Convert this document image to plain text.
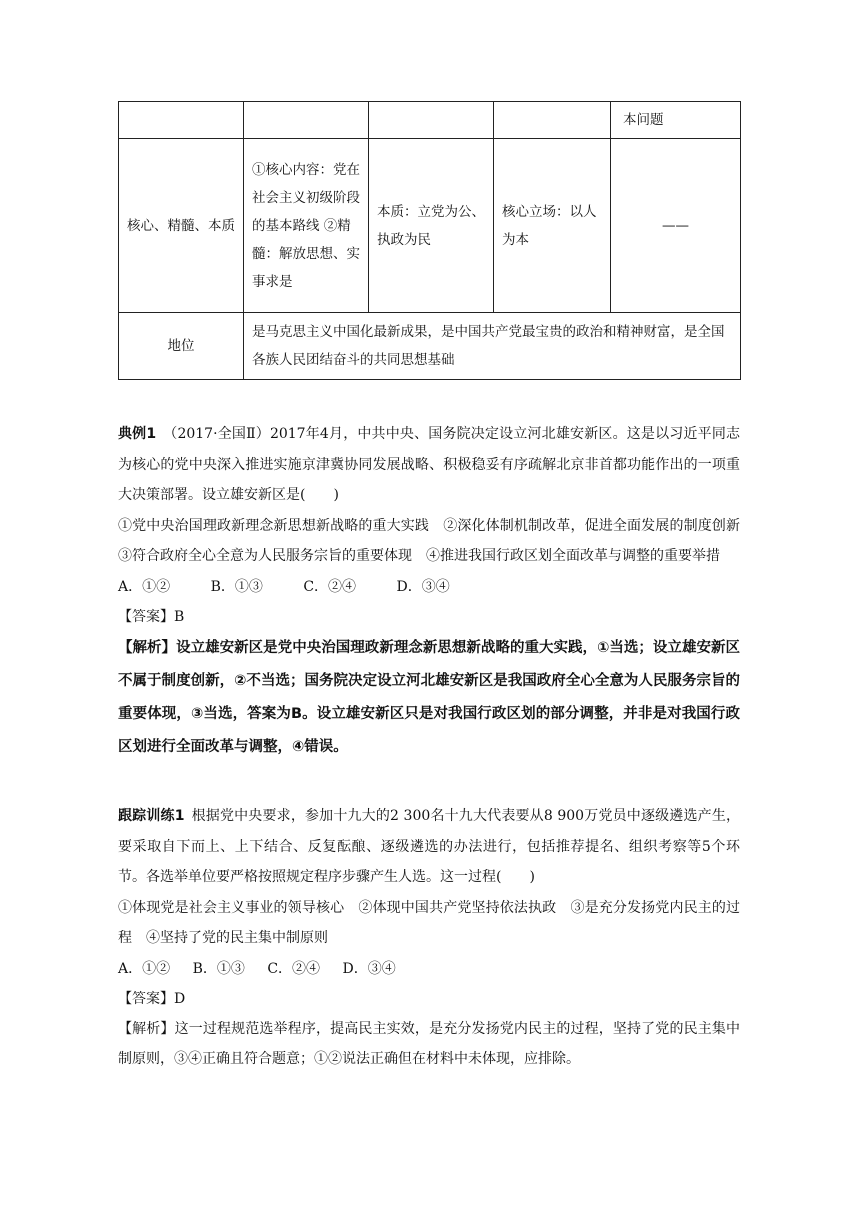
				本问题
核心、精髓、本质	①核心内容：党在社会主义初级阶段的基本路线 ②精髓：解放思想、实事求是	本质：立党为公、执政为民	核心立场：以人为本	——
地位	是马克思主义中国化最新成果，是中国共产党最宝贵的政治和精神财富，是全国各族人民团结奋斗的共同思想基础			

典例1  （2017·全国Ⅱ）2017年4月，中共中央、国务院决定设立河北雄安新区。这是以习近平同志为核心的党中央深入推进实施京津冀协同发展战略、积极稳妥有序疏解北京非首都功能作出的一项重大决策部署。设立雄安新区是(　　)

①党中央治国理政新理念新思想新战略的重大实践　②深化体制机制改革，促进全面发展的制度创新　③符合政府全心全意为人民服务宗旨的重要体现　④推进我国行政区划全面改革与调整的重要举措

A．①②	B．①③	C．②④	D．③④

【答案】B

【解析】设立雄安新区是党中央治国理政新理念新思想新战略的重大实践，①当选；设立雄安新区不属于制度创新，②不当选；国务院决定设立河北雄安新区是我国政府全心全意为人民服务宗旨的重要体现，③当选，答案为B。设立雄安新区只是对我国行政区划的部分调整，并非是对我国行政区划进行全面改革与调整，④错误。

跟踪训练1  根据党中央要求，参加十九大的2 300名十九大代表要从8 900万党员中逐级遴选产生，要采取自下而上、上下结合、反复酝酿、逐级遴选的办法进行，包括推荐提名、组织考察等5个环节。各选举单位要严格按照规定程序步骤产生人选。这一过程(　　)

①体现党是社会主义事业的领导核心　②体现中国共产党坚持依法执政　③是充分发扬党内民主的过程　④坚持了党的民主集中制原则

A．①② B．①③ C．②④ D．③④

【答案】D

【解析】这一过程规范选举程序，提高民主实效，是充分发扬党内民主的过程，坚持了党的民主集中制原则，③④正确且符合题意；①②说法正确但在材料中未体现，应排除。
